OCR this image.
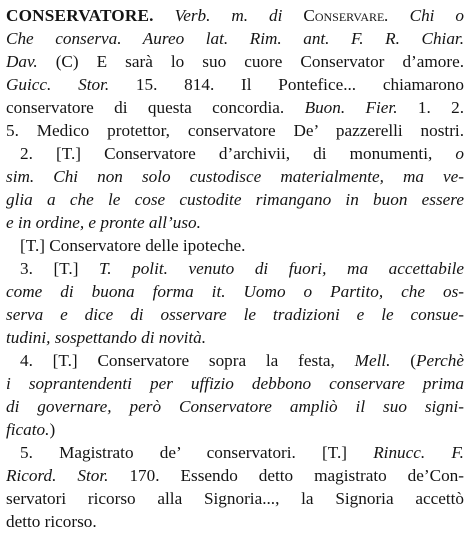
CONSERVATORE. Verb. m. di Conservare. Chi o
Che conserva. Aureo lat. Rim. ant. F. R. Chiar.
Dav. (C) E sarà lo suo cuore Conservator d’amore.
Guicc. Stor. 15. 814. Il Pontefice... chiamarono
conservatore di questa concordia. Buon. Fier. 1. 2.
5. Medico protettor, conservatore De’ pazzerelli nostri.
2. [T.] Conservatore d’archivii, di monumenti, o
sim. Chi non solo custodisce materialmente, ma ve-
glia a che le cose custodite rimangano in buon essere
e in ordine, e pronte all’uso.
[T.] Conservatore delle ipoteche.
3. [T.] T. polit. venuto di fuori, ma accettabile
come di buona forma it. Uomo o Partito, che os-
serva e dice di osservare le tradizioni e le consue-
tudini, sospettando di novità.
4. [T.] Conservatore sopra la festa, Mell. (Perchè
i soprantendenti per uffizio debbono conservare prima
di governare, però Conservatore ampliò il suo signi-
ficato.)
5. Magistrato de’ conservatori. [T.] Rinucc. F.
Ricord. Stor. 170. Essendo detto magistrato de’Con-
servatori ricorso alla Signoria..., la Signoria accettò
detto ricorso.
